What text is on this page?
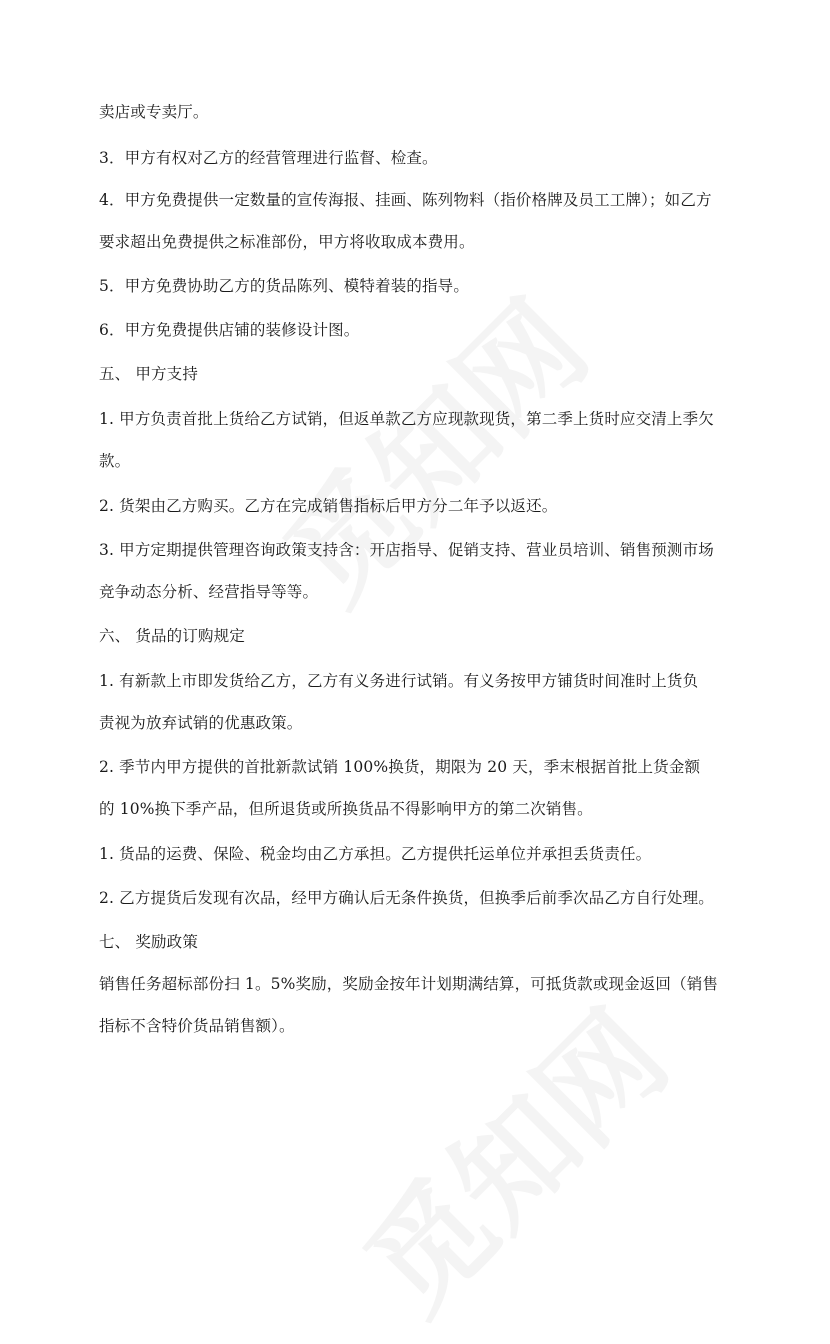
卖店或专卖厅。
3．甲方有权对乙方的经营管理进行监督、检查。
4．甲方免费提供一定数量的宣传海报、挂画、陈列物料（指价格牌及员工工牌）；如乙方
要求超出免费提供之标准部份，甲方将收取成本费用。
5．甲方免费协助乙方的货品陈列、模特着装的指导。
6．甲方免费提供店铺的装修设计图。
五、 甲方支持
1. 甲方负责首批上货给乙方试销，但返单款乙方应现款现货，第二季上货时应交清上季欠
款。
2. 货架由乙方购买。乙方在完成销售指标后甲方分二年予以返还。
3. 甲方定期提供管理咨询政策支持含：开店指导、促销支持、营业员培训、销售预测市场
竞争动态分析、经营指导等等。
六、 货品的订购规定
1. 有新款上市即发货给乙方，乙方有义务进行试销。有义务按甲方铺货时间准时上货负
责视为放弃试销的优惠政策。
2. 季节内甲方提供的首批新款试销 100%换货，期限为 20 天，季末根据首批上货金额
的 10%换下季产品，但所退货或所换货品不得影响甲方的第二次销售。
1. 货品的运费、保险、税金均由乙方承担。乙方提供托运单位并承担丢货责任。
2. 乙方提货后发现有次品，经甲方确认后无条件换货，但换季后前季次品乙方自行处理。
七、 奖励政策
销售任务超标部份扫 1。5%奖励，奖励金按年计划期满结算，可抵货款或现金返回（销售
指标不含特价货品销售额）。
